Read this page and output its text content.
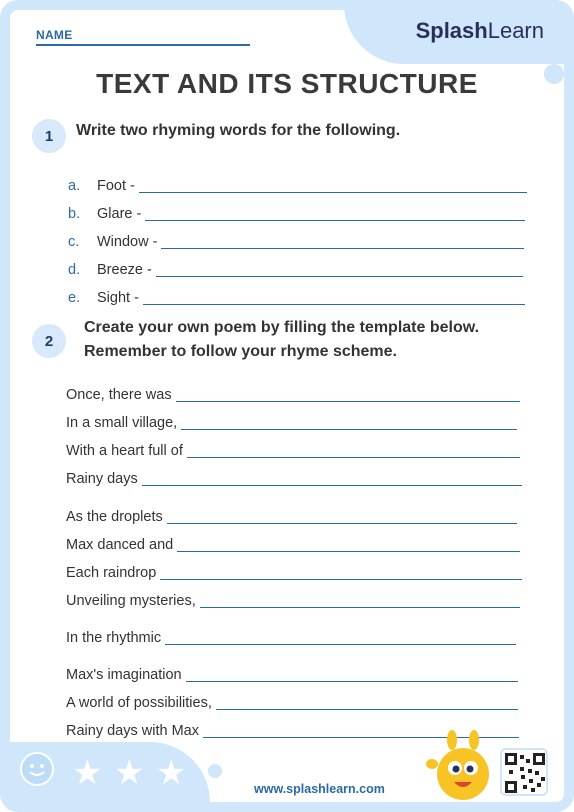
NAME	SplashLearn
TEXT AND ITS STRUCTURE
1	Write two rhyming words for the following.
a. Foot -
b. Glare -
c. Window -
d. Breeze -
e. Sight -
2
Create your own poem by filling the template below.
Remember to follow your rhyme scheme.
Once, there was
In a small village,
With a heart full of
Rainy days
As the droplets
Max danced and
Each raindrop
Unveiling mysteries,
In the rhythmic
Max's imagination
A world of possibilities,
Rainy days with Max
★ ★ ★	www.splashlearn.com
